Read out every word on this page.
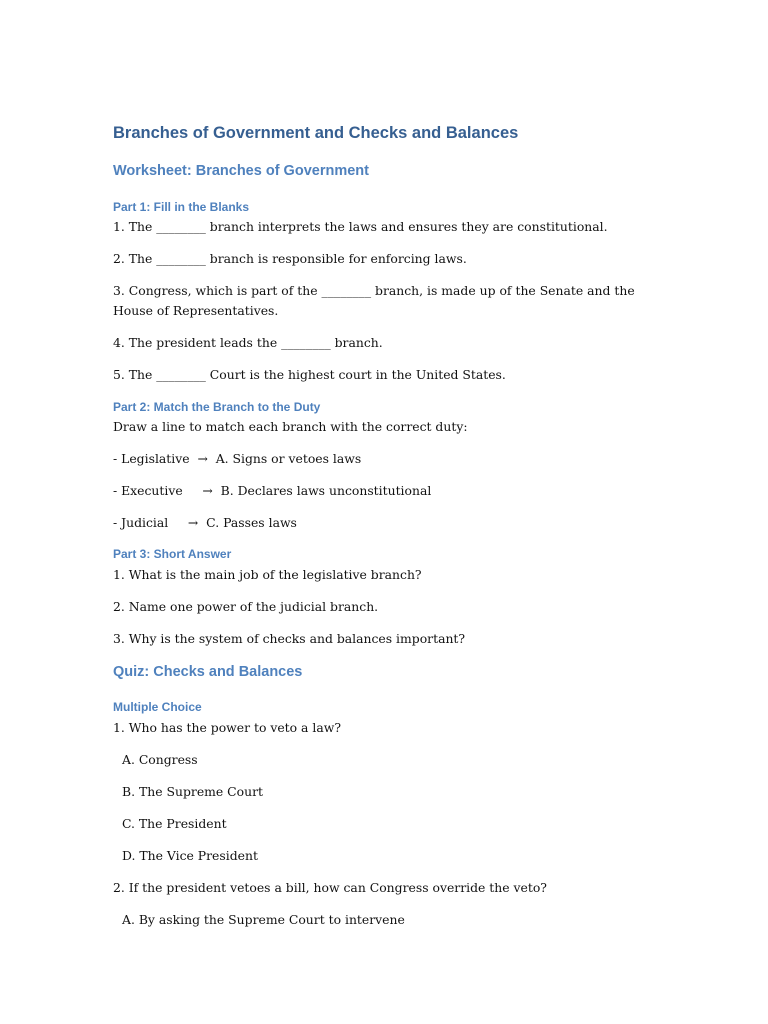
Branches of Government and Checks and Balances
Worksheet: Branches of Government
Part 1: Fill in the Blanks

1. The ________ branch interprets the laws and ensures they are constitutional.

2. The ________ branch is responsible for enforcing laws.

3. Congress, which is part of the ________ branch, is made up of the Senate and the House of Representatives.

4. The president leads the ________ branch.

5. The ________ Court is the highest court in the United States.

Part 2: Match the Branch to the Duty

Draw a line to match each branch with the correct duty:

- Legislative  →  A. Signs or vetoes laws

- Executive     →  B. Declares laws unconstitutional

- Judicial     →  C. Passes laws

Part 3: Short Answer

1. What is the main job of the legislative branch?

2. Name one power of the judicial branch.

3. Why is the system of checks and balances important?

Quiz: Checks and Balances
Multiple Choice

1. Who has the power to veto a law?

A. Congress

B. The Supreme Court

C. The President

D. The Vice President

2. If the president vetoes a bill, how can Congress override the veto?

A. By asking the Supreme Court to intervene
